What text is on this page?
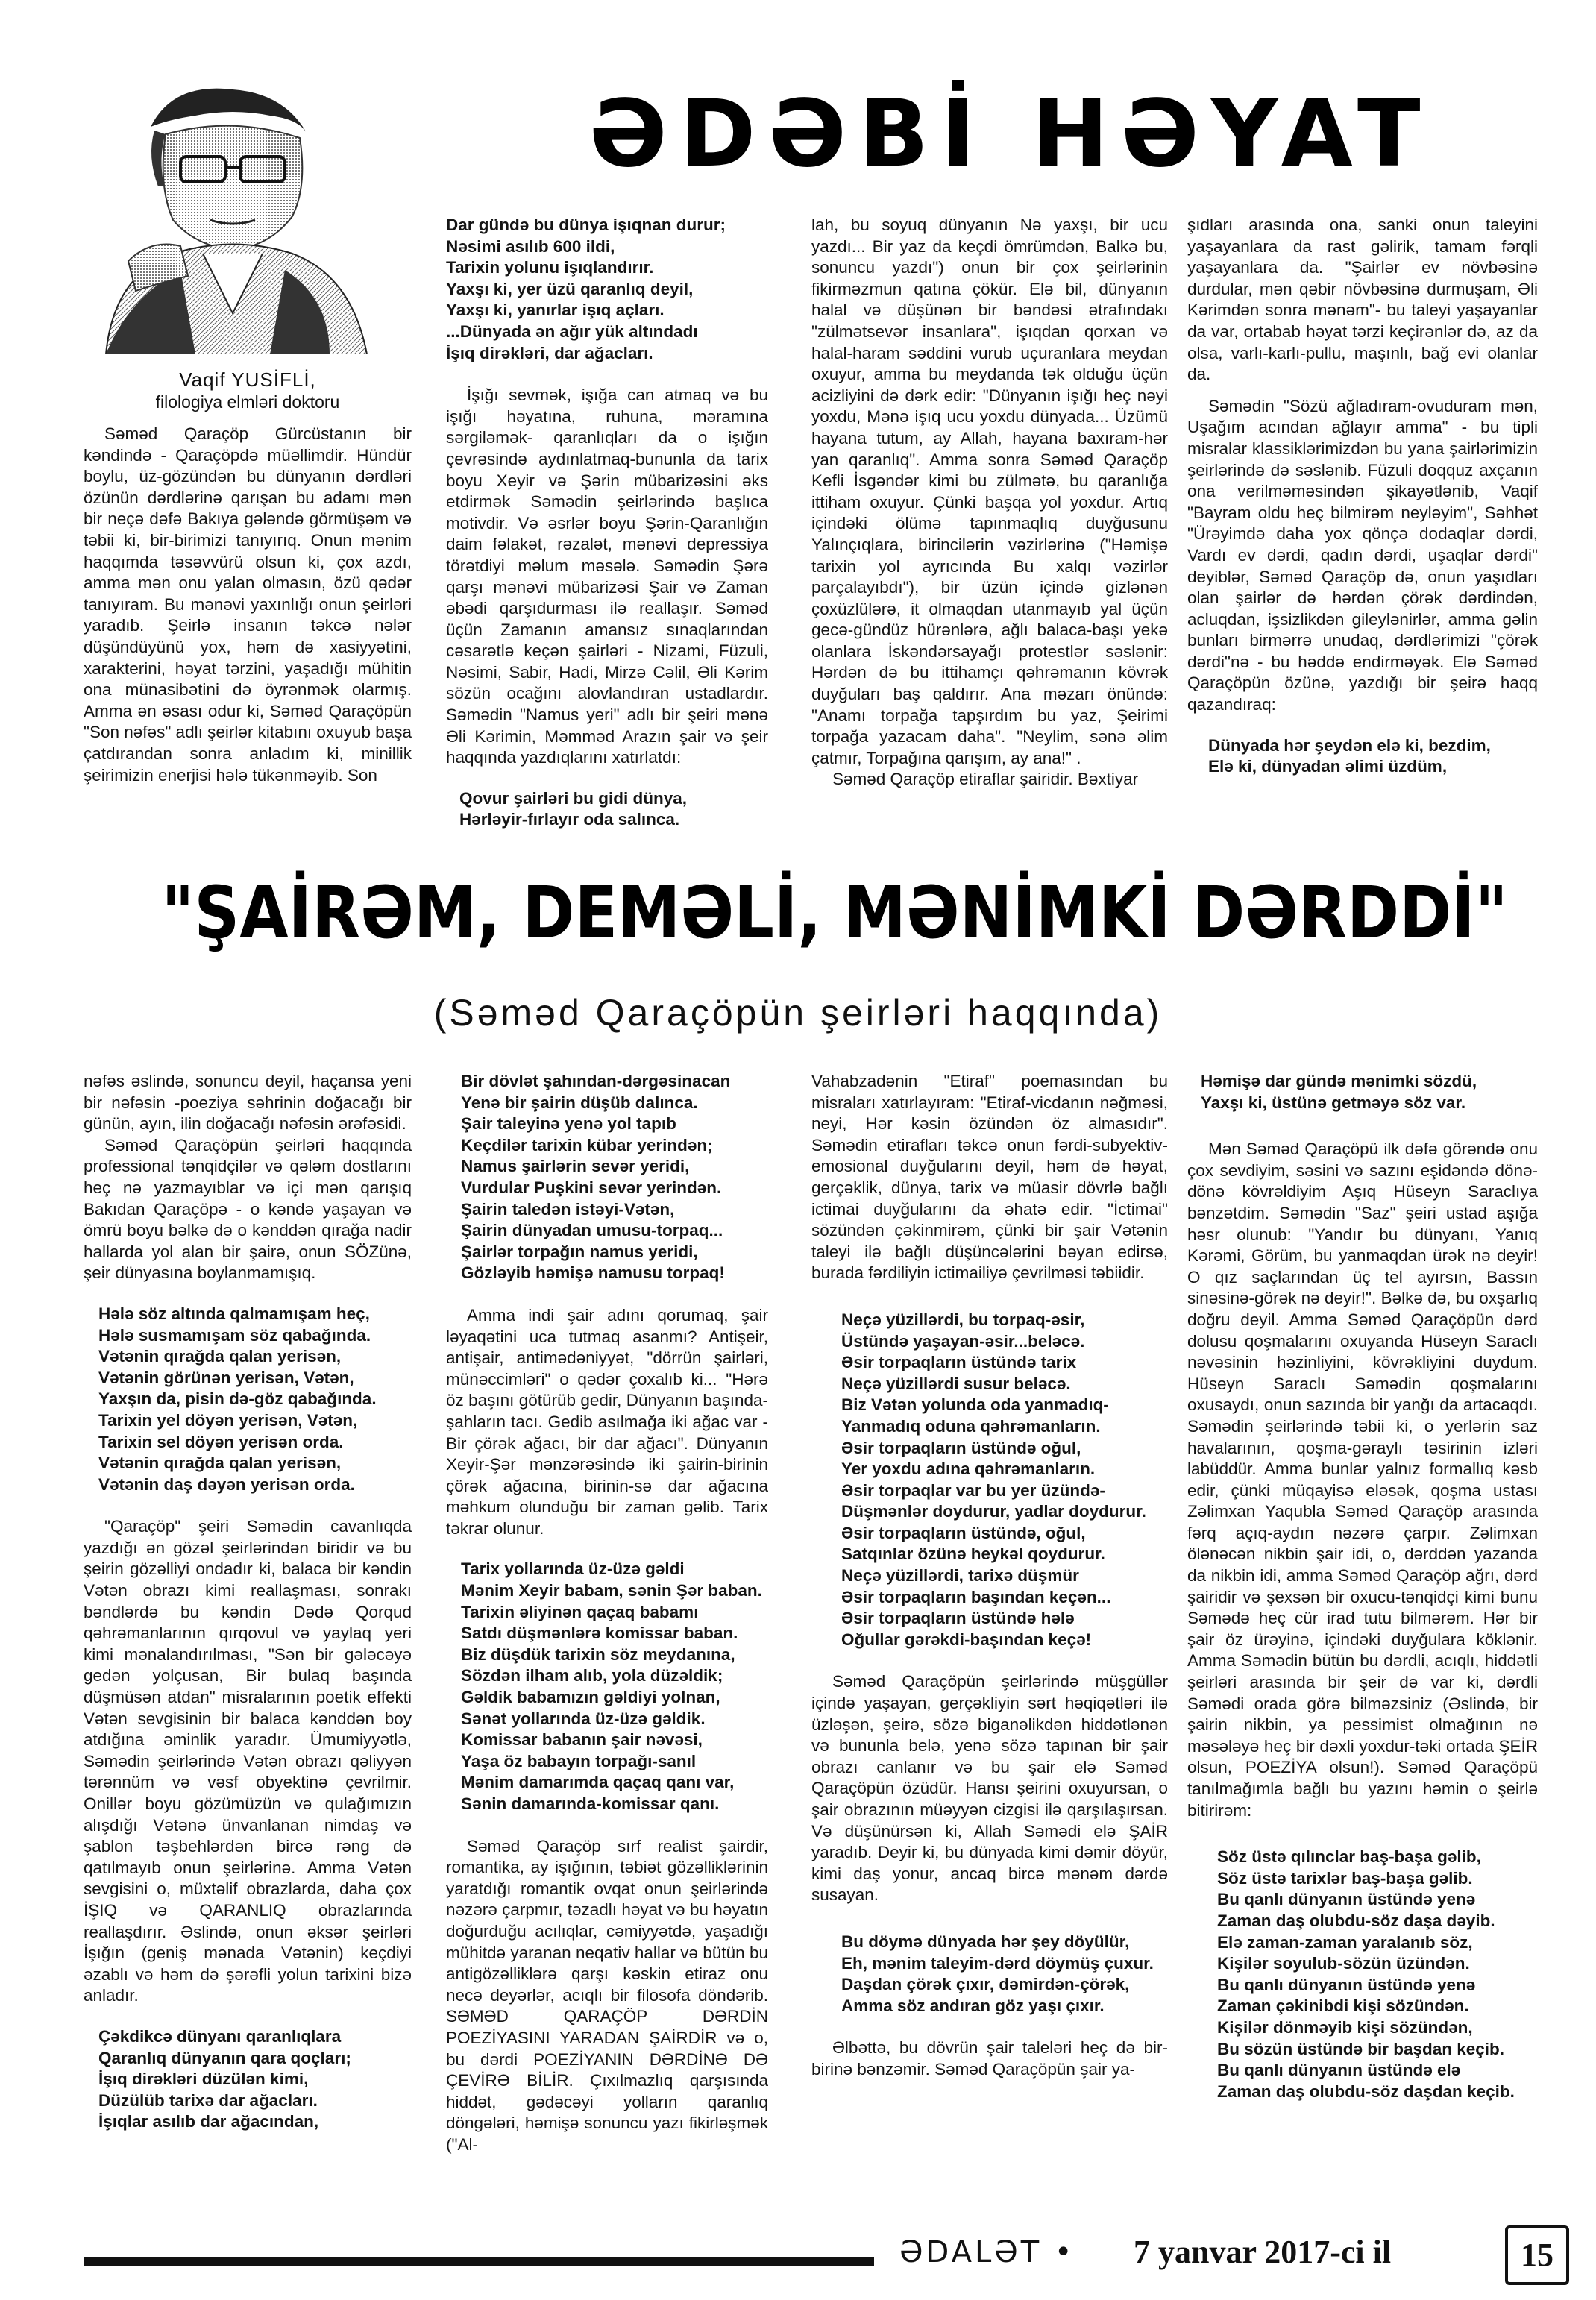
ƏDƏBİ HƏYAT
Vaqif YUSİFLİ,
filologiya elmləri doktoru

Səməd Qaraçöp Gürcüstanın bir kəndində - Qaraçöpdə müəllimdir. Hündür boylu, üz-gözündən bu dünyanın dərdləri özünün dərdlərinə qarışan bu adamı mən bir neçə dəfə Bakıya gələndə görmüşəm və təbii ki, bir-birimizi tanıyırıq. Onun mənim haqqımda təsəvvürü olsun ki, çox azdı, amma mən onu yalan olmasın, özü qədər tanıyıram. Bu mənəvi yaxınlığı onun şeirləri yaradıb. Şeirlə insanın təkcə nələr düşündüyünü yox, həm də xasiyyətini, xarakterini, həyat tərzini, yaşadığı mühitin ona münasibətini də öyrənmək olarmış. Amma ən əsası odur ki, Səməd Qaraçöpün "Son nəfəs" adlı şeirlər kitabını oxuyub başa çatdırandan sonra anladım ki, minillik şeirimizin enerjisi hələ tükənməyib. Son

Dar gündə bu dünya işıqnan durur;
Nəsimi asılıb 600 ildi,
Tarixin yolunu işıqlandırır.
Yaxşı ki, yer üzü qaranlıq deyil,
Yaxşı ki, yanırlar işıq açları.
...Dünyada ən ağır yük altındadı
İşıq dirəkləri, dar ağacları.

İşığı sevmək, işığa can atmaq və bu işığı həyatına, ruhuna, məramına sərgiləmək- qaranlıqları da o işığın çevrəsində aydınlatmaq-bununla da tarix boyu Xeyir və Şərin mübarizəsini əks etdirmək Səmədin şeirlərində başlıca motivdir. Və əsrlər boyu Şərin-Qaranlığın daim fəlakət, rəzalət, mənəvi depressiya törətdiyi məlum məsələ. Səmədin Şərə qarşı mənəvi mübarizəsi Şair və Zaman əbədi qarşıdurması ilə reallaşır. Səməd üçün Zamanın amansız sınaqlarından cəsarətlə keçən şairləri - Nizami, Füzuli, Nəsimi, Sabir, Hadi, Mirzə Cəlil, Əli Kərim sözün ocağını alovlandıran ustadlardır. Səmədin "Namus yeri" adlı bir şeiri mənə Əli Kərimin, Məmməd Arazın şair və şeir haqqında yazdıqlarını xatırlatdı:

Qovur şairləri bu gidi dünya,
Hərləyir-fırlayır oda salınca.

lah, bu soyuq dünyanın Nə yaxşı, bir ucu yazdı... Bir yaz da keçdi ömrümdən, Balkə bu, sonuncu yazdı") onun bir çox şeirlərinin fikirməzmun qatına çökür. Elə bil, dünyanın halal və düşünən bir bəndəsi ətrafındakı "zülmətsevər insanlara", işıqdan qorxan və halal-haram səddini vurub uçuranlara meydan oxuyur, amma bu meydanda tək olduğu üçün acizliyini də dərk edir: "Dünyanın işığı heç nəyi yoxdu, Mənə işıq ucu yoxdu dünyada... Üzümü hayana tutum, ay Allah, hayana baxıram-hər yan qaranlıq". Amma sonra Səməd Qaraçöp Kefli İsgəndər kimi bu zülmətə, bu qaranlığa ittiham oxuyur. Çünki başqa yol yoxdur. Artıq içindəki ölümə tapınmaqlıq duyğusunu Yalınçıqlara, birincilərin vəzirlərinə ("Həmişə tarixin yol ayrıcında Bu xalqı vəzirlər parçalayıbdı"), bir üzün içində gizlənən çoxüzlülərə, it olmaqdan utanmayıb yal üçün gecə-gündüz hürənlərə, ağlı balaca-başı yekə olanlara İskəndərsayağı protestlər səslənir: Hərdən də bu ittihamçı qəhrəmanın kövrək duyğuları baş qaldırır. Ana məzarı önündə: "Anamı torpağa tapşırdım bu yaz, Şeirimi torpağa yazacam daha". "Neylim, sənə əlim çatmır, Torpağına qarışım, ay ana!" .

Səməd Qaraçöp etiraflar şairidir. Bəxtiyar

şıdları arasında ona, sanki onun taleyini yaşayanlara da rast gəlirik, tamam fərqli yaşayanlara da. "Şairlər ev növbəsinə durdular, mən qəbir növbəsinə durmuşam, Əli Kərimdən sonra mənəm"- bu taleyi yaşayanlar da var, ortabab həyat tərzi keçirənlər də, az da olsa, varlı-karlı-pullu, maşınlı, bağ evi olanlar da.

Səmədin "Sözü ağladıram-ovuduram mən, Uşağım acından ağlayır amma" - bu tipli misralar klassiklərimizdən bu yana şairlərimizin şeirlərində də səslənib. Füzuli doqquz axçanın ona verilməməsindən şikayətlənib, Vaqif "Bayram oldu heç bilmirəm neyləyim", Səhhət "Ürəyimdə daha yox qönçə dodaqlar dərdi, Vardı ev dərdi, qadın dərdi, uşaqlar dərdi" deyiblər, Səməd Qaraçöp də, onun yaşıdları olan şairlər də hərdən çörək dərdindən, acluqdan, işsizlikdən gileylənirlər, amma gəlin bunları birmərrə unudaq, dərdlərimizi "çörək dərdi"nə - bu həddə endirməyək. Elə Səməd Qaraçöpün özünə, yazdığı bir şeirə haqq qazandıraq:

Dünyada hər şeydən elə ki, bezdim,
Elə ki, dünyadan əlimi üzdüm,
"ŞAİRƏM, DEMƏLİ, MƏNİMKİ DƏRDDİ"
(Səməd Qaraçöpün şeirləri haqqında)

nəfəs əslində, sonuncu deyil, haçansa yeni bir nəfəsin -poeziya səhrinin doğacağı bir günün, ayın, ilin doğacağı nəfəsin ərəfəsidi.

Səməd Qaraçöpün şeirləri haqqında professional tənqidçilər və qələm dostlarını heç nə yazmayıblar və içi mən qarışıq Bakıdan Qaraçöpə - o kəndə yaşayan və ömrü boyu bəlkə də o kənddən qırağa nadir hallarda yol alan bir şairə, onun SÖZünə, şeir dünyasına boylanmamışıq.

Hələ söz altında qalmamışam heç,
Hələ susmamışam söz qabağında.
Vətənin qırağda qalan yerisən,
Vətənin görünən yerisən, Vətən,
Yaxşın da, pisin də-göz qabağında.
Tarixin yel döyən yerisən, Vətən,
Tarixin sel döyən yerisən orda.
Vətənin qırağda qalan yerisən,
Vətənin daş dəyən yerisən orda.

"Qaraçöp" şeiri Səmədin cavanlıqda yazdığı ən gözəl şeirlərindən biridir və bu şeirin gözəlliyi ondadır ki, balaca bir kəndin Vətən obrazı kimi reallaşması, sonrakı bəndlərdə bu kəndin Dədə Qorqud qəhrəmanlarının qırqovul və yaylaq yeri kimi mənalandırılması, "Sən bir gələcəyə gedən yolçusan, Bir bulaq başında düşmüsən atdan" misralarının poetik effekti Vətən sevgisinin bir balaca kənddən boy atdığına əminlik yaradır. Ümumiyyətlə, Səmədin şeirlərində Vətən obrazı qəliyyən tərənnüm və vəsf obyektinə çevrilmir. Onillər boyu gözümüzün və qulağımızın alışdığı Vətənə ünvanlanan nimdaş və şablon təşbehlərdən bircə rəng də qatılmayıb onun şeirlərinə. Amma Vətən sevgisini o, müxtəlif obrazlarda, daha çox İŞIQ və QARANLIQ obrazlarında reallaşdırır. Əslində, onun əksər şeirləri İşığın (geniş mənada Vətənin) keçdiyi əzablı və həm də şərəfli yolun tarixini bizə anladır.

Çəkdikcə dünyanı qaranlıqlara
Qaranlıq dünyanın qara qoçları;
İşıq dirəkləri düzülən kimi,
Düzülüb tarixə dar ağacları.
İşıqlar asılıb dar ağacından,
Bir dövlət şahından-dərgəsinacan
Yenə bir şairin düşüb dalınca.
Şair taleyinə yenə yol tapıb
Keçdilər tarixin kübar yerindən;
Namus şairlərin sevər yeridi,
Vurdular Puşkini sevər yerindən.
Şairin taledən istəyi-Vətən,
Şairin dünyadan umusu-torpaq...
Şairlər torpağın namus yeridi,
Gözləyib həmişə namusu torpaq!

Amma indi şair adını qorumaq, şair ləyaqətini uca tutmaq asanmı? Antişeir, antişair, antimədəniyyət, "dörrün şairləri, münəccimləri" o qədər çoxalıb ki... "Hərə öz başını götürüb gedir, Dünyanın başında-şahların tacı. Gedib asılmağa iki ağac var - Bir çörək ağacı, bir dar ağacı". Dünyanın Xeyir-Şər mənzərəsində iki şairin-birinin çörək ağacına, birinin-sə dar ağacına məhkum olunduğu bir zaman gəlib. Tarix təkrar olunur.

Tarix yollarında üz-üzə gəldi
Mənim Xeyir babam, sənin Şər baban.
Tarixin əliyinən qaçaq babamı
Satdı düşmənlərə komissar baban.
Biz düşdük tarixin söz meydanına,
Sözdən ilham alıb, yola düzəldik;
Gəldik babamızın gəldiyi yolnan,
Sənət yollarında üz-üzə gəldik.
Komissar babanın şair nəvəsi,
Yaşa öz babayın torpağı-sanıl
Mənim damarımda qaçaq qanı var,
Sənin damarında-komissar qanı.

Səməd Qaraçöp sırf realist şairdir, romantika, ay işığının, təbiət gözəlliklərinin yaratdığı romantik ovqat onun şeirlərində nəzərə çarpmır, təzadlı həyat və bu həyatın doğurduğu acılıqlar, cəmiyyətdə, yaşadığı mühitdə yaranan neqativ hallar və bütün bu antigözəlliklərə qarşı kəskin etiraz onu necə deyərlər, acıqlı bir filosofa döndərib. SƏMƏD QARAÇÖP DƏRDİN POEZİYASINI YARADAN ŞAİRDİR və o, bu dərdi POEZİYANIN DƏRDİNƏ DƏ ÇEVİRƏ BİLİR. Çıxılmazlıq qarşısında hiddət, gədəcəyi yolların qaranlıq döngələri, həmişə sonuncu yazı fikirləşmək ("Al-

Vahabzadənin "Etiraf" poemasından bu misraları xatırlayıram: "Etiraf-vicdanın nəğməsi, neyi, Hər kəsin özündən öz almasıdır". Səmədin etirafları təkcə onun fərdi-subyektiv-emosional duyğularını deyil, həm də həyat, gerçəklik, dünya, tarix və müasir dövrlə bağlı ictimai duyğularını da əhatə edir. "İctimai" sözündən çəkinmirəm, çünki bir şair Vətənin taleyi ilə bağlı düşüncələrini bəyan edirsə, burada fərdiliyin ictimailiyə çevrilməsi təbiidir.

Neçə yüzillərdi, bu torpaq-əsir,
Üstündə yaşayan-əsir...beləcə.
Əsir torpaqların üstündə tarix
Neçə yüzillərdi susur beləcə.
Biz Vətən yolunda oda yanmadıq-
Yanmadıq oduna qəhrəmanların.
Əsir torpaqların üstündə oğul,
Yer yoxdu adına qəhrəmanların.
Əsir torpaqlar var bu yer üzündə-
Düşmənlər doydurur, yadlar doydurur.
Əsir torpaqların üstündə, oğul,
Satqınlar özünə heykəl qoydurur.
Neçə yüzillərdi, tarixə düşmür
Əsir torpaqların başından keçən...
Əsir torpaqların üstündə hələ
Oğullar gərəkdi-başından keçə!

Səməd Qaraçöpün şeirlərində müşgüllər içində yaşayan, gerçəkliyin sərt həqiqətləri ilə üzləşən, şeirə, sözə biganəlikdən hiddətlənən və bununla belə, yenə sözə tapınan bir şair obrazı canlanır və bu şair elə Səməd Qaraçöpün özüdür. Hansı şeirini oxuyursan, o şair obrazının müəyyən cizgisi ilə qarşılaşırsan. Və düşünürsən ki, Allah Səmədi elə ŞAİR yaradıb. Deyir ki, bu dünyada kimi dəmir döyür, kimi daş yonur, ancaq bircə mənəm dərdə susayan.

Bu döymə dünyada hər şey döyülür,
Eh, mənim taleyim-dərd döymüş çuxur.
Daşdan çörək çıxır, dəmirdən-çörək,
Amma söz andıran göz yaşı çıxır.

Əlbəttə, bu dövrün şair taleləri heç də bir-birinə bənzəmir. Səməd Qaraçöpün şair ya-

Həmişə dar gündə mənimki sözdü,
Yaxşı ki, üstünə getməyə söz var.

Mən Səməd Qaraçöpü ilk dəfə görəndə onu çox sevdiyim, səsini və sazını eşidəndə dönə-dönə kövrəldiyim Aşıq Hüseyn Saraclıya bənzətdim. Səmədin "Saz" şeiri ustad aşığa həsr olunub: "Yandır bu dünyanı, Yanıq Kərəmi, Görüm, bu yanmaqdan ürək nə deyir! O qız saçlarından üç tel ayırsın, Bassın sinəsinə-görək nə deyir!". Bəlkə də, bu oxşarlıq doğru deyil. Amma Səməd Qaraçöpün dərd dolusu qoşmalarını oxuyanda Hüseyn Saraclı nəvəsinin həzinliyini, kövrəkliyini duydum. Hüseyn Saraclı Səmədin qoşmalarını oxusaydı, onun sazında bir yanğı da artacaqdı. Səmədin şeirlərində təbii ki, o yerlərin saz havalarının, qoşma-gəraylı təsirinin izləri labüddür. Amma bunlar yalnız formallıq kəsb edir, çünki müqayisə eləsək, qoşma ustası Zəlimxan Yaqubla Səməd Qaraçöp arasında fərq açıq-aydın nəzərə çarpır. Zəlimxan ölənəcən nikbin şair idi, o, dərddən yazanda da nikbin idi, amma Səməd Qaraçöp ağrı, dərd şairidir və şexsən bir oxucu-tənqidçi kimi bunu Səmədə heç cür irad tutu bilmərəm. Hər bir şair öz ürəyinə, içindəki duyğulara köklənir. Amma Səmədin bütün bu dərdli, acıqlı, hiddətli şeirləri arasında bir şeir də var ki, dərdli Səmədi orada görə bilməzsiniz (Əslində, bir şairin nikbin, ya pessimist olmağının nə məsələyə heç bir dəxli yoxdur-təki ortada ŞEİR olsun, POEZİYA olsun!). Səməd Qaraçöpü tanılmağımla bağlı bu yazını həmin o şeirlə bitirirəm:

Söz üstə qılınclar baş-başa gəlib,
Söz üstə tarixlər baş-başa gəlib.
Bu qanlı dünyanın üstündə yenə
Zaman daş olubdu-söz daşa dəyib.
Elə zaman-zaman yaralanıb söz,
Kişilər soyulub-sözün üzündən.
Bu qanlı dünyanın üstündə yenə
Zaman çəkinibdi kişi sözündən.
Kişilər dönməyib kişi sözündən,
Bu sözün üstündə bir başdan keçib.
Bu qanlı dünyanın üstündə elə
Zaman daş olubdu-söz daşdan keçib.
ƏDALƏT • 7 yanvar 2017-ci il	15
